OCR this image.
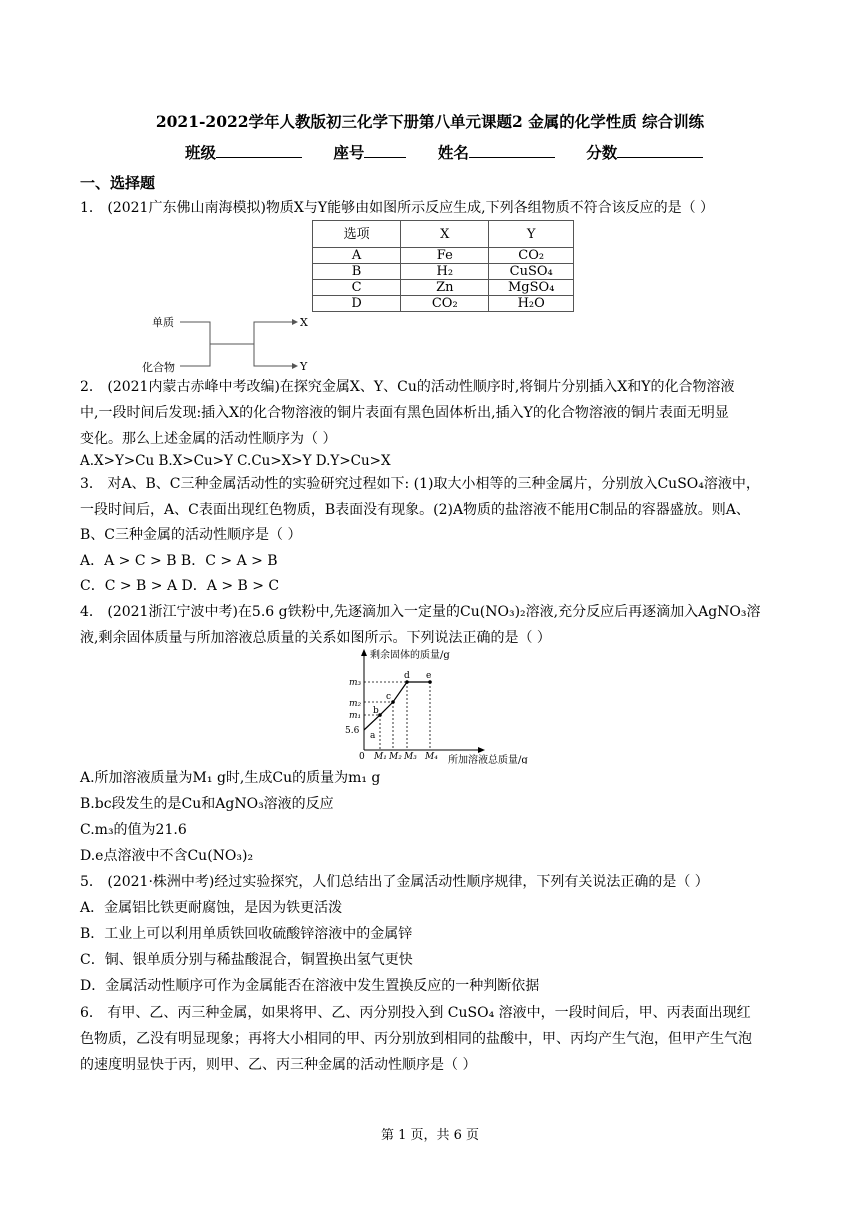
2021-2022学年人教版初三化学下册第八单元课题2 金属的化学性质 综合训练
班级	座号	姓名	分数
一、选择题
1． (2021广东佛山南海模拟)物质X与Y能够由如图所示反应生成,下列各组物质不符合该反应的是（ ）
选项	X	Y
A	Fe	CO₂
B	H₂	CuSO₄
C	Zn	MgSO₄
D	CO₂	H₂O
单质
化合物
X
Y
2． (2021内蒙古赤峰中考改编)在探究金属X、Y、Cu的活动性顺序时,将铜片分别插入X和Y的化合物溶液
中,一段时间后发现:插入X的化合物溶液的铜片表面有黑色固体析出,插入Y的化合物溶液的铜片表面无明显
变化。那么上述金属的活动性顺序为（ ）
A.X>Y>Cu B.X>Cu>Y C.Cu>X>Y D.Y>Cu>X
3． 对A、B、C三种金属活动性的实验研究过程如下: (1)取大小相等的三种金属片，分别放入CuSO₄溶液中，
一段时间后，A、C表面出现红色物质，B表面没有现象。(2)A物质的盐溶液不能用C制品的容器盛放。则A、
B、C三种金属的活动性顺序是（ ）
A．A > C > B B．C > A > B
C．C > B > A D．A > B > C
4． (2021浙江宁波中考)在5.6 g铁粉中,先逐滴加入一定量的Cu(NO₃)₂溶液,充分反应后再逐滴加入AgNO₃溶
液,剩余固体质量与所加溶液总质量的关系如图所示。下列说法正确的是（ ）
剩余固体的质量/g
所加溶液总质量/g
m₃
m₂
m₁
5.6
0 M₁ M₂ M₃ M₄
a
b
c
d e
A.所加溶液质量为M₁ g时,生成Cu的质量为m₁ g
B.bc段发生的是Cu和AgNO₃溶液的反应
C.m₃的值为21.6
D.e点溶液中不含Cu(NO₃)₂
5． (2021·株洲中考)经过实验探究，人们总结出了金属活动性顺序规律，下列有关说法正确的是（ ）
A．金属铝比铁更耐腐蚀，是因为铁更活泼
B．工业上可以利用单质铁回收硫酸锌溶液中的金属锌
C．铜、银单质分别与稀盐酸混合，铜置换出氢气更快
D．金属活动性顺序可作为金属能否在溶液中发生置换反应的一种判断依据
6． 有甲、乙、丙三种金属，如果将甲、乙、丙分别投入到 CuSO₄ 溶液中，一段时间后，甲、丙表面出现红
色物质，乙没有明显现象；再将大小相同的甲、丙分别放到相同的盐酸中，甲、丙均产生气泡，但甲产生气泡
的速度明显快于丙，则甲、乙、丙三种金属的活动性顺序是（ ）
第 1 页，共 6 页
